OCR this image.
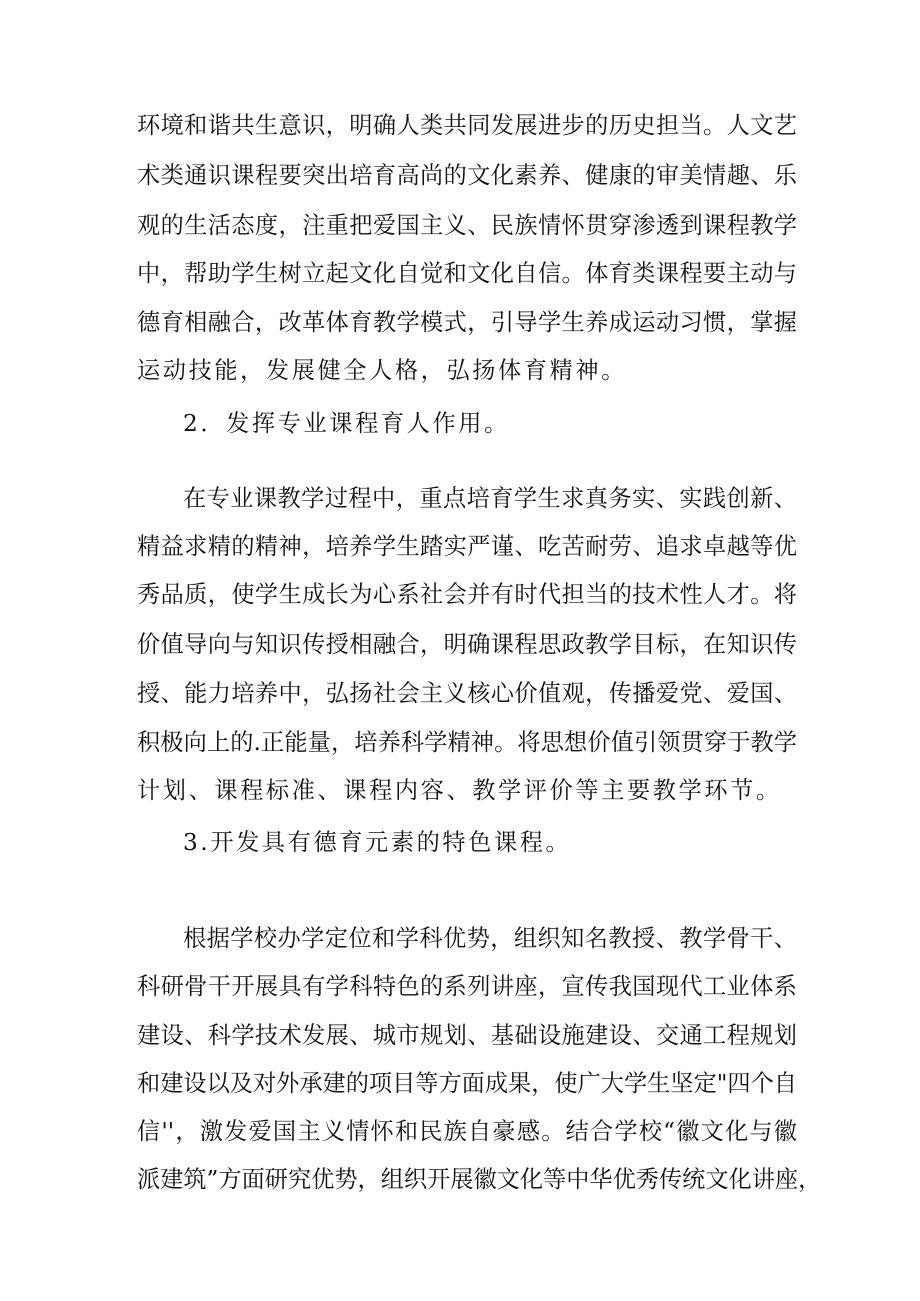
环境和谐共生意识，明确人类共同发展进步的历史担当。人文艺
术类通识课程要突出培育高尚的文化素养、健康的审美情趣、乐
观的生活态度，注重把爱国主义、民族情怀贯穿渗透到课程教学
中，帮助学生树立起文化自觉和文化自信。体育类课程要主动与
德育相融合，改革体育教学模式，引导学生养成运动习惯，掌握
运动技能，发展健全人格，弘扬体育精神。
2．发挥专业课程育人作用。
在专业课教学过程中，重点培育学生求真务实、实践创新、
精益求精的精神，培养学生踏实严谨、吃苦耐劳、追求卓越等优
秀品质，使学生成长为心系社会并有时代担当的技术性人才。将
价值导向与知识传授相融合，明确课程思政教学目标，在知识传
授、能力培养中，弘扬社会主义核心价值观，传播爱党、爱国、
积极向上的.正能量，培养科学精神。将思想价值引领贯穿于教学
计划、课程标准、课程内容、教学评价等主要教学环节。
3.开发具有德育元素的特色课程。
根据学校办学定位和学科优势，组织知名教授、教学骨干、
科研骨干开展具有学科特色的系列讲座，宣传我国现代工业体系
建设、科学技术发展、城市规划、基础设施建设、交通工程规划
和建设以及对外承建的项目等方面成果，使广大学生坚定"四个自
信''，激发爱国主义情怀和民族自豪感。结合学校“徽文化与徽
派建筑”方面研究优势，组织开展徽文化等中华优秀传统文化讲座，
